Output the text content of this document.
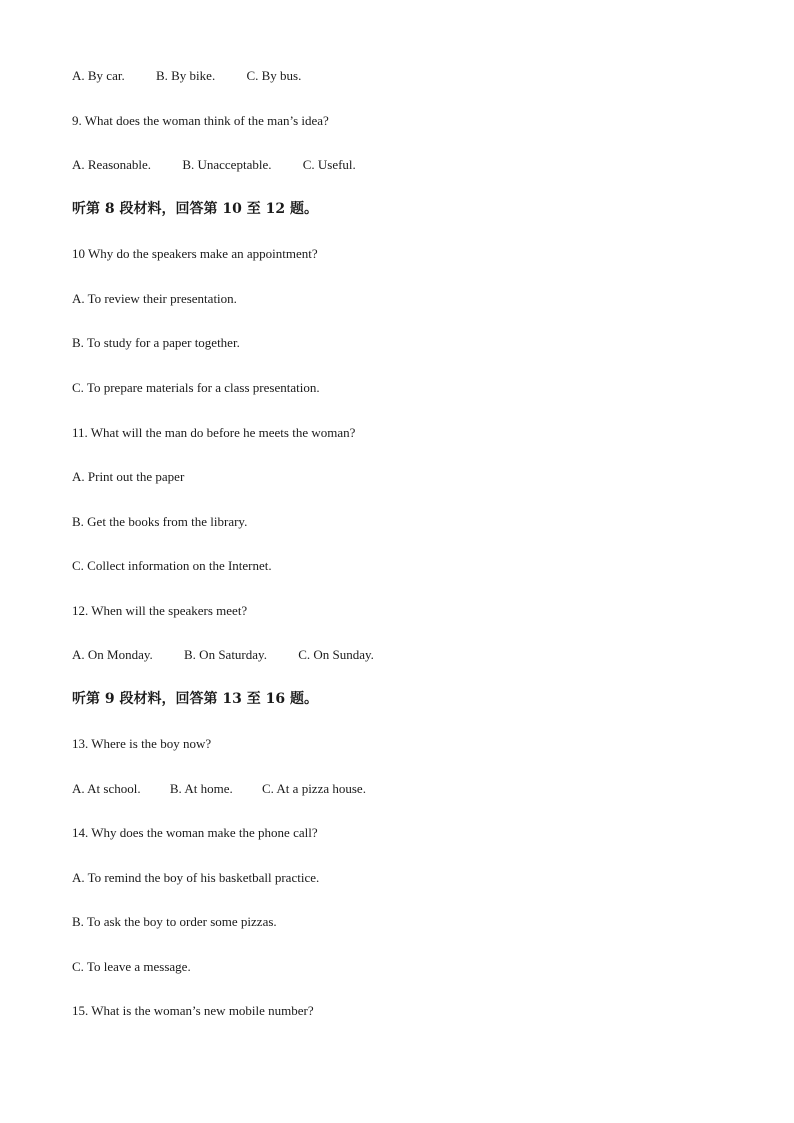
A. By car. B. By bike. C. By bus.
9. What does the woman think of the man’s idea?
A. Reasonable. B. Unacceptable. C. Useful.
听第 8 段材料，回答第 10 至 12 题。
10 Why do the speakers make an appointment?
A. To review their presentation.
B. To study for a paper together.
C. To prepare materials for a class presentation.
11. What will the man do before he meets the woman?
A. Print out the paper
B. Get the books from the library.
C. Collect information on the Internet.
12. When will the speakers meet?
A. On Monday. B. On Saturday. C. On Sunday.
听第 9 段材料，回答第 13 至 16 题。
13. Where is the boy now?
A. At school. B. At home. C. At a pizza house.
14. Why does the woman make the phone call?
A. To remind the boy of his basketball practice.
B. To ask the boy to order some pizzas.
C. To leave a message.
15. What is the woman’s new mobile number?
